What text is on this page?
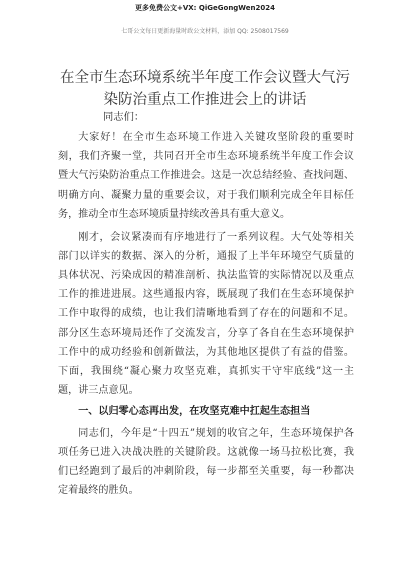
更多免费公文+VX: QiGeGongWen2024
七哥公文每日更新海量时政公文材料，添加 QQ: 2508017569
在全市生态环境系统半年度工作会议暨大气污
染防治重点工作推进会上的讲话
同志们：
大家好！在全市生态环境工作进入关键攻坚阶段的重要时
刻，我们齐聚一堂，共同召开全市生态环境系统半年度工作会议
暨大气污染防治重点工作推进会。这是一次总结经验、查找问题、
明确方向、凝聚力量的重要会议，对于我们顺利完成全年目标任
务，推动全市生态环境质量持续改善具有重大意义。
刚才，会议紧凑而有序地进行了一系列议程。大气处等相关
部门以详实的数据、深入的分析，通报了上半年环境空气质量的
具体状况、污染成因的精准剖析、执法监管的实际情况以及重点
工作的推进进展。这些通报内容，既展现了我们在生态环境保护
工作中取得的成绩，也让我们清晰地看到了存在的问题和不足。
部分区生态环境局还作了交流发言，分享了各自在生态环境保护
工作中的成功经验和创新做法，为其他地区提供了有益的借鉴。
下面，我围绕“凝心聚力攻坚克难，真抓实干守牢底线”这一主
题，讲三点意见。
一、以归零心态再出发，在攻坚克难中扛起生态担当
同志们，今年是“十四五”规划的收官之年，生态环境保护各
项任务已进入决战决胜的关键阶段。这就像一场马拉松比赛，我
们已经跑到了最后的冲刺阶段，每一步都至关重要，每一秒都决
定着最终的胜负。
